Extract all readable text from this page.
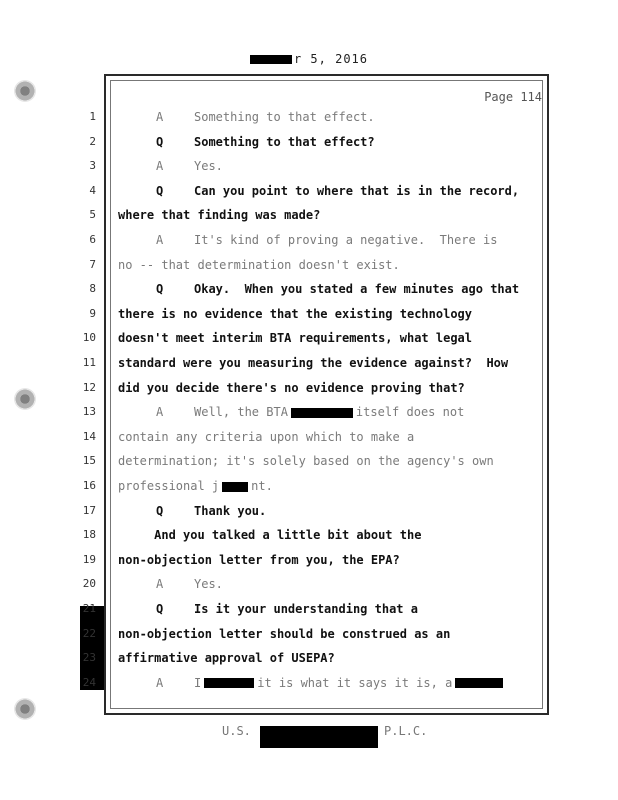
r 5, 2016
Page 114
1	A	Something to that effect.
2	Q	Something to that effect?
3	A	Yes.
4	Q	Can you point to where that is in the record,
5 where that finding was made?
6	A	It's kind of proving a negative.  There is
7 no -- that determination doesn't exist.
8	Q	Okay.  When you stated a few minutes ago that
9 there is no evidence that the existing technology
10 doesn't meet interim BTA requirements, what legal
11 standard were you measuring the evidence against?  How
12 did you decide there's no evidence proving that?
13	A	Well, the BTA	itself does not
14 contain any criteria upon which to make a
15 determination; it's solely based on the agency's own
16 professional j	nt.
17	Q	Thank you.
18 And you talked a little bit about the
19 non-objection letter from you, the EPA?
20	A	Yes.
21	Q	Is it your understanding that a
22 non-objection letter should be construed as an
23 affirmative approval of USEPA?
24	A	I	it is what it says it is, a
U.S.	P.L.C.
